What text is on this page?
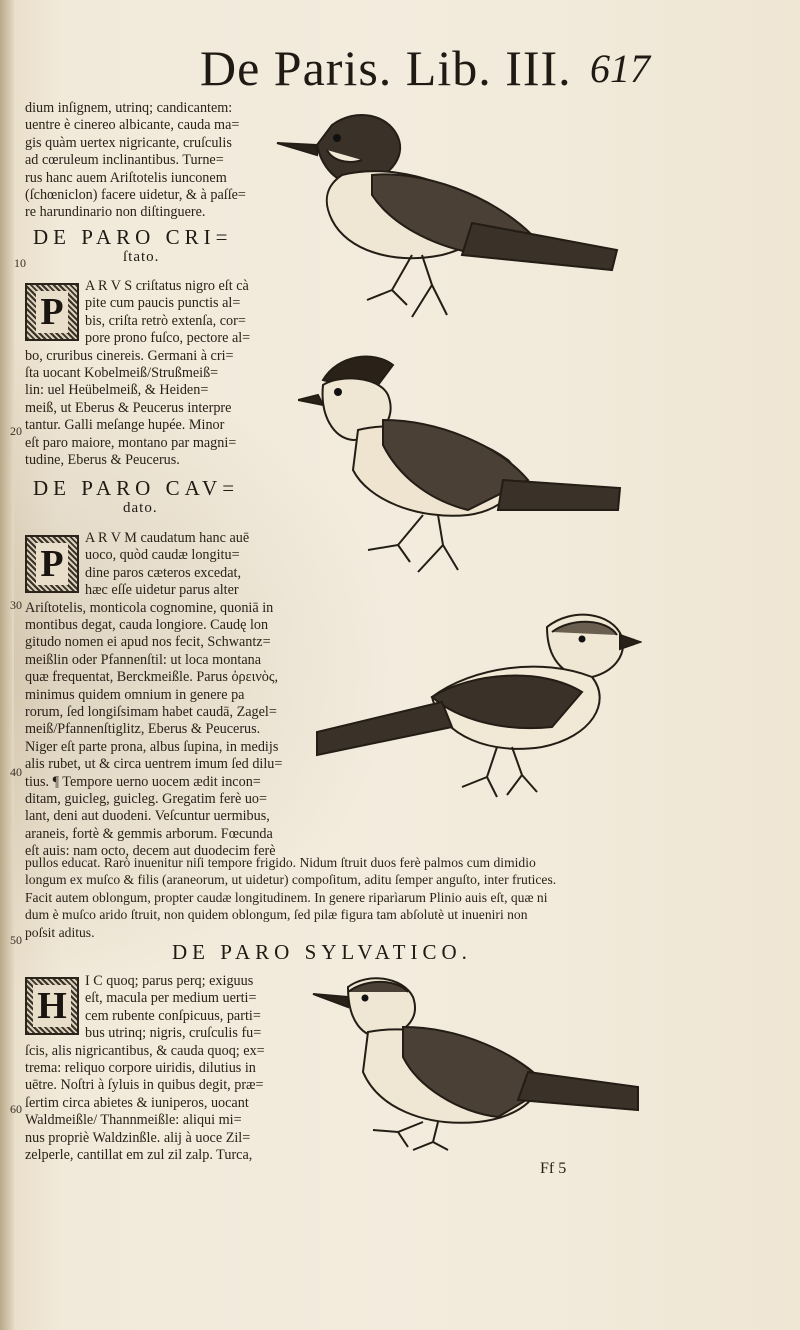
De Paris. Lib. III. 617
dium inſignem, utrinq; candicantem:
uentre è cinereo albicante, cauda ma=
gis quàm uertex nigricante, cruſculis
ad cœruleum inclinantibus. Turne=
rus hanc auem Ariſtotelis iunconem
(ſchœniclon) facere uidetur, & à paſſe=
re harundinario non diſtinguere.
DE PARO CRI=
ſtato.
P
A R V S criſtatus nigro eſt cà
pite cum paucis punctis al=
bis, criſta retrò extenſa, cor=
pore prono fuſco, pectore al=
bo, cruribus cinereis. Germani à cri=
ſta uocant Kobelmeiß/Strußmeiß=
lin: uel Heübelmeiß, & Heiden=
meiß, ut Eberus & Peucerus interpre
tantur. Galli meſange hupée. Minor
eſt paro maiore, montano par magni=
tudine, Eberus & Peucerus.
DE PARO CAV=
dato.
P
A R V M caudatum hanc auē
uoco, quòd caudæ longitu=
dine paros cæteros excedat,
hæc eſſe uidetur parus alter
Ariſtotelis, monticola cognomine, quoniā in
montibus degat, cauda longiore. Caudę lon
gitudo nomen ei apud nos fecit, Schwantz=
meißlin oder Pfannenſtil: ut loca montana
quæ frequentat, Berckmeißle. Parus ὀρεινὸς,
minimus quidem omnium in genere pa
rorum, ſed longiſsimam habet caudā, Zagel=
meiß/Pfannenſtiglitz, Eberus & Peucerus.
Niger eſt parte prona, albus ſupina, in medijs
alis rubet, ut & circa uentrem imum ſed dilu=
tius. ¶ Tempore uerno uocem ædit incon=
ditam, guicleg, guicleg. Gregatim ferè uo=
lant, deni aut duodeni. Veſcuntur uermibus,
araneis, fortè & gemmis arborum. Fœcunda
eſt auis: nam octo, decem aut duodecim ferè
pullos educat. Rarò inuenitur niſi tempore frigido. Nidum ſtruit duos ferè palmos cum dimidio
longum ex muſco & filis (araneorum, ut uidetur) compoſitum, aditu ſemper anguſto, inter frutices.
Facit autem oblongum, propter caudæ longitudinem. In genere riparìarum Plinio auis eſt, quæ ni
dum è muſco arido ſtruit, non quidem oblongum, ſed pilæ figura tam abſolutè ut inueniri non
poſsit aditus.
DE PARO SYLVATICO.
H
I C quoq; parus perq; exiguus
eſt, macula per medium uerti=
cem rubente conſpicuus, parti=
bus utrinq; nigris, cruſculis fu=
ſcis, alis nigricantibus, & cauda quoq; ex=
trema: reliquo corpore uiridis, dilutius in
uētre. Noſtri à ſyluis in quibus degit, præ=
ſertim circa abietes & iuniperos, uocant
Waldmeißle/ Thannmeißle: aliqui mi=
nus propriè Waldzinßle. alij à uoce Zil=
zelperle, cantillat em zul zil zalp. Turca,
10
20
30
40
50
60
Ff 5
